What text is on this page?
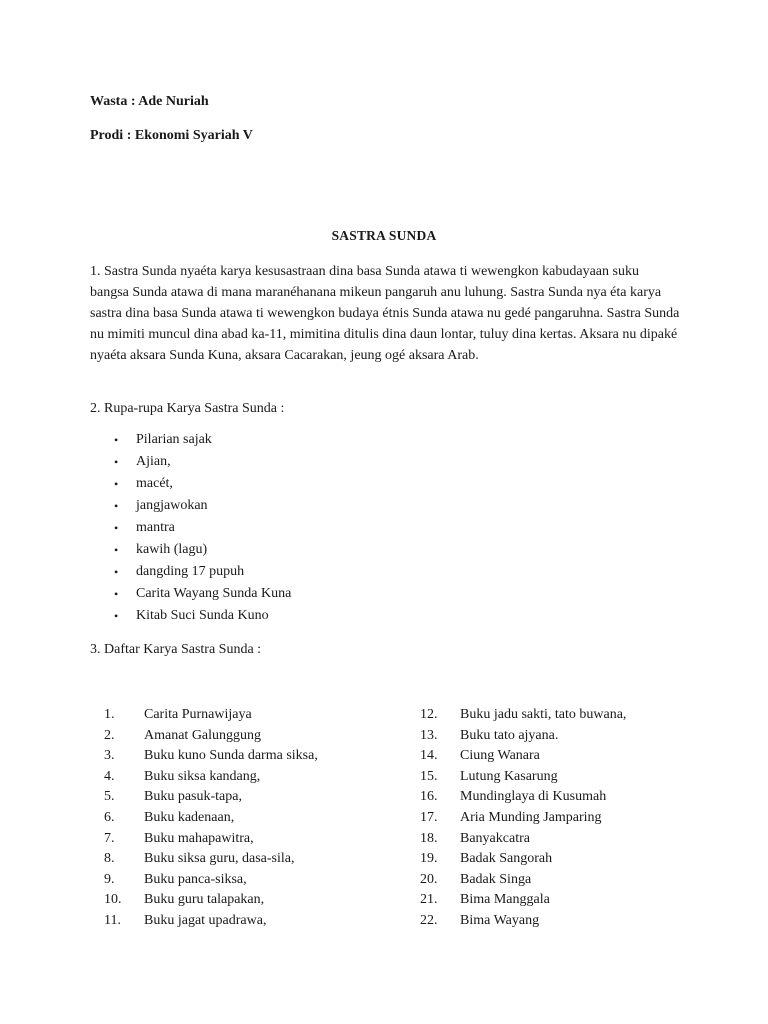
Wasta : Ade Nuriah
Prodi : Ekonomi Syariah V
SASTRA SUNDA
1. Sastra Sunda nyaéta karya kesusastraan dina basa Sunda atawa ti wewengkon kabudayaan suku bangsa Sunda atawa di mana maranéhanana mikeun pangaruh anu luhung. Sastra Sunda nya éta karya sastra dina basa Sunda atawa ti wewengkon budaya étnis Sunda atawa nu gedé pangaruhna. Sastra Sunda nu mimiti muncul dina abad ka-11, mimitina ditulis dina daun lontar, tuluy dina kertas. Aksara nu dipaké nyaéta aksara Sunda Kuna, aksara Cacarakan, jeung ogé aksara Arab.
2. Rupa-rupa Karya Sastra Sunda :
• Pilarian sajak
• Ajian,
• macét,
• jangjawokan
• mantra
• kawih (lagu)
• dangding 17 pupuh
• Carita Wayang Sunda Kuna
• Kitab Suci Sunda Kuno
3. Daftar Karya Sastra Sunda :
1. Carita Purnawijaya
2. Amanat Galunggung
3. Buku kuno Sunda darma siksa,
4. Buku siksa kandang,
5. Buku pasuk-tapa,
6. Buku kadenaan,
7. Buku mahapawitra,
8. Buku siksa guru, dasa-sila,
9. Buku panca-siksa,
10. Buku guru talapakan,
11. Buku jagat upadrawa,
12. Buku jadu sakti, tato buwana,
13. Buku tato ajyana.
14. Ciung Wanara
15. Lutung Kasarung
16. Mundinglaya di Kusumah
17. Aria Munding Jamparing
18. Banyakcatra
19. Badak Sangorah
20. Badak Singa
21. Bima Manggala
22. Bima Wayang
